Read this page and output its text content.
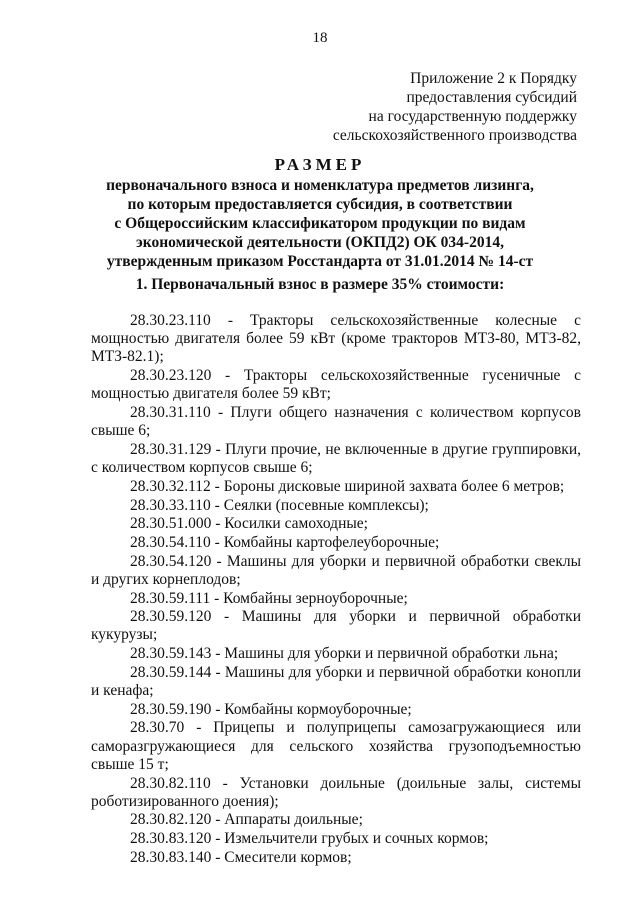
18
Приложение 2 к Порядку
предоставления субсидий
на государственную поддержку
сельскохозяйственного производства
РАЗМЕР
первоначального взноса и номенклатура предметов лизинга,
по которым предоставляется субсидия, в соответствии
с Общероссийским классификатором продукции по видам
экономической деятельности (ОКПД2) ОК 034-2014,
утвержденным приказом Росстандарта от 31.01.2014 № 14-ст
1. Первоначальный взнос в размере 35% стоимости:

28.30.23.110 - Тракторы сельскохозяйственные колесные с мощностью двигателя более 59 кВт (кроме тракторов МТЗ-80, МТЗ-82, МТЗ-82.1);

28.30.23.120 - Тракторы сельскохозяйственные гусеничные с мощностью двигателя более 59 кВт;

28.30.31.110 - Плуги общего назначения с количеством корпусов свыше 6;

28.30.31.129 - Плуги прочие, не включенные в другие группировки, с количеством корпусов свыше 6;

28.30.32.112 - Бороны дисковые шириной захвата более 6 метров;

28.30.33.110 - Сеялки (посевные комплексы);

28.30.51.000 - Косилки самоходные;

28.30.54.110 - Комбайны картофелеуборочные;

28.30.54.120 - Машины для уборки и первичной обработки свеклы и других корнеплодов;

28.30.59.111 - Комбайны зерноуборочные;

28.30.59.120 - Машины для уборки и первичной обработки кукурузы;

28.30.59.143 - Машины для уборки и первичной обработки льна;

28.30.59.144 - Машины для уборки и первичной обработки конопли и кенафа;

28.30.59.190 - Комбайны кормоуборочные;

28.30.70 - Прицепы и полуприцепы самозагружающиеся или саморазгружающиеся для сельского хозяйства грузоподъемностью свыше 15 т;

28.30.82.110 - Установки доильные (доильные залы, системы роботизированного доения);

28.30.82.120 - Аппараты доильные;

28.30.83.120 - Измельчители грубых и сочных кормов;

28.30.83.140 - Смесители кормов;
